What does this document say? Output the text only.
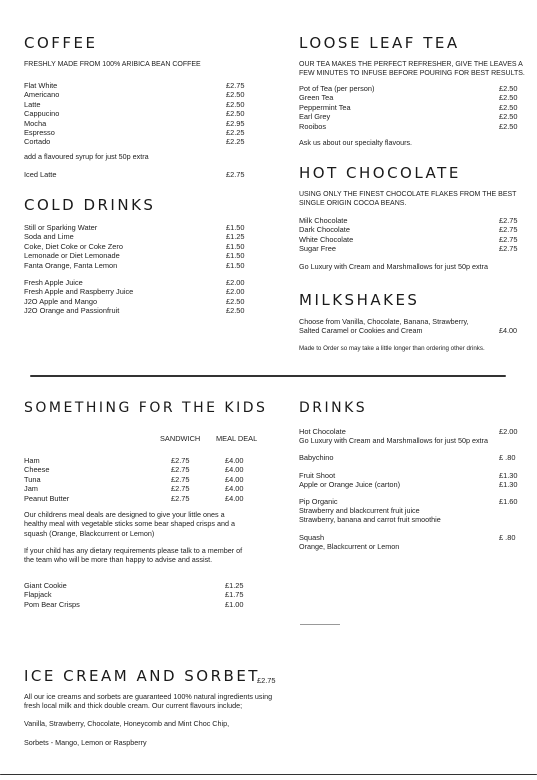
COFFEE
FRESHLY MADE FROM 100% ARIBICA BEAN COFFEE
Flat White	£2.75
Americano	£2.50
Latte	£2.50
Cappucino	£2.50
Mocha	£2.95
Espresso	£2.25
Cortado	£2.25
add a flavoured syrup for just 50p extra
Iced Latte	£2.75
COLD DRINKS
Still or Sparking Water	£1.50
Soda and Lime	£1.25
Coke, Diet Coke or Coke Zero	£1.50
Lemonade or Diet Lemonade	£1.50
Fanta Orange, Fanta Lemon	£1.50
Fresh Apple Juice	£2.00
Fresh Apple and Raspberry Juice	£2.00
J2O Apple and Mango	£2.50
J2O Orange and Passionfruit	£2.50
LOOSE LEAF TEA
OUR TEA MAKES THE PERFECT REFRESHER, GIVE THE LEAVES A
FEW MINUTES TO INFUSE BEFORE POURING FOR BEST RESULTS.
Pot of Tea (per person)	£2.50
Green Tea	£2.50
Peppermint Tea	£2.50
Earl Grey	£2.50
Rooibos	£2.50
Ask us about our specialty flavours.
HOT CHOCOLATE
USING ONLY THE FINEST CHOCOLATE FLAKES FROM THE BEST
SINGLE ORIGIN COCOA BEANS.
Milk Chocolate	£2.75
Dark Chocolate	£2.75
White Chocolate	£2.75
Sugar Free	£2.75
Go Luxury with Cream and Marshmallows for just 50p extra
MILKSHAKES
Choose from Vanilla, Chocolate, Banana, Strawberry,
Salted Caramel or Cookies and Cream	£4.00
Made to Order so may take a little longer than ordering other drinks.
SOMETHING FOR THE KIDS
SANDWICH MEAL DEAL
Ham	£2.75	£4.00
Cheese	£2.75	£4.00
Tuna	£2.75	£4.00
Jam	£2.75	£4.00
Peanut Butter	£2.75	£4.00
Our childrens meal deals are designed to give your little ones a
healthy meal with vegetable sticks some bear shaped crisps and a
squash (Orange, Blackcurrent or Lemon)
If your child has any dietary requirements please talk to a member of
the team who will be more than happy to advise and assist.
Giant Cookie	£1.25
Flapjack	£1.75
Pom Bear Crisps	£1.00
DRINKS
Hot Chocolate	£2.00
Go Luxury with Cream and Marshmallows for just 50p extra
Babychino	£ .80
Fruit Shoot	£1.30
Apple or Orange Juice (carton)	£1.30
Pip Organic	£1.60
Strawberry and blackcurrent fruit juice
Strawberry, banana and carrot fruit smoothie
Squash	£ .80
Orange, Blackcurrent or Lemon
ICE CREAM AND SORBET
£2.75
All our ice creams and sorbets are guaranteed 100% natural ingredients using
fresh local milk and thick double cream. Our current flavours include;
Vanilla, Strawberry, Chocolate, Honeycomb and Mint Choc Chip,
Sorbets - Mango, Lemon or Raspberry
